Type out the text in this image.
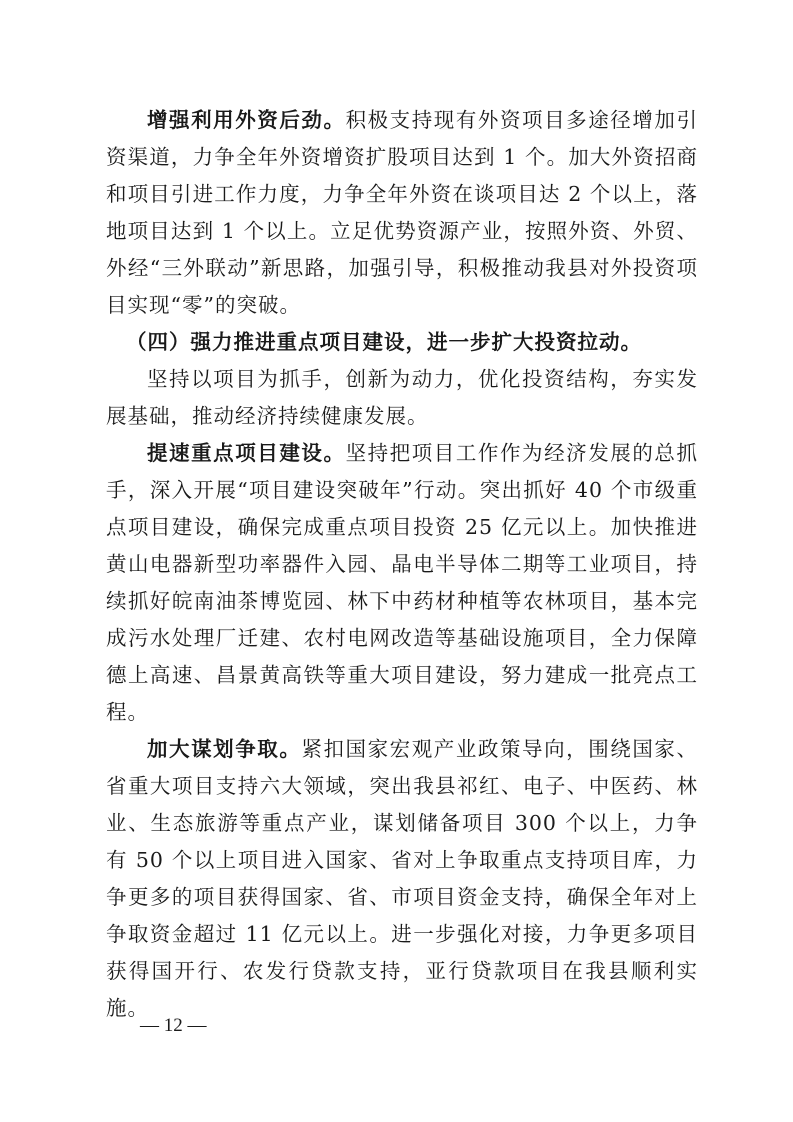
增强利用外资后劲。积极支持现有外资项目多途径增加引资渠道，力争全年外资增资扩股项目达到 1 个。加大外资招商和项目引进工作力度，力争全年外资在谈项目达 2 个以上，落地项目达到 1 个以上。立足优势资源产业，按照外资、外贸、外经“三外联动”新思路，加强引导，积极推动我县对外投资项目实现“零”的突破。

（四）强力推进重点项目建设，进一步扩大投资拉动。

坚持以项目为抓手，创新为动力，优化投资结构，夯实发展基础，推动经济持续健康发展。

提速重点项目建设。坚持把项目工作作为经济发展的总抓手，深入开展“项目建设突破年”行动。突出抓好 40 个市级重点项目建设，确保完成重点项目投资 25 亿元以上。加快推进黄山电器新型功率器件入园、晶电半导体二期等工业项目，持续抓好皖南油茶博览园、林下中药材种植等农林项目，基本完成污水处理厂迁建、农村电网改造等基础设施项目，全力保障德上高速、昌景黄高铁等重大项目建设，努力建成一批亮点工程。

加大谋划争取。紧扣国家宏观产业政策导向，围绕国家、省重大项目支持六大领域，突出我县祁红、电子、中医药、林业、生态旅游等重点产业，谋划储备项目 300 个以上，力争有 50 个以上项目进入国家、省对上争取重点支持项目库，力争更多的项目获得国家、省、市项目资金支持，确保全年对上争取资金超过 11 亿元以上。进一步强化对接，力争更多项目获得国开行、农发行贷款支持，亚行贷款项目在我县顺利实施。

— 12 —
